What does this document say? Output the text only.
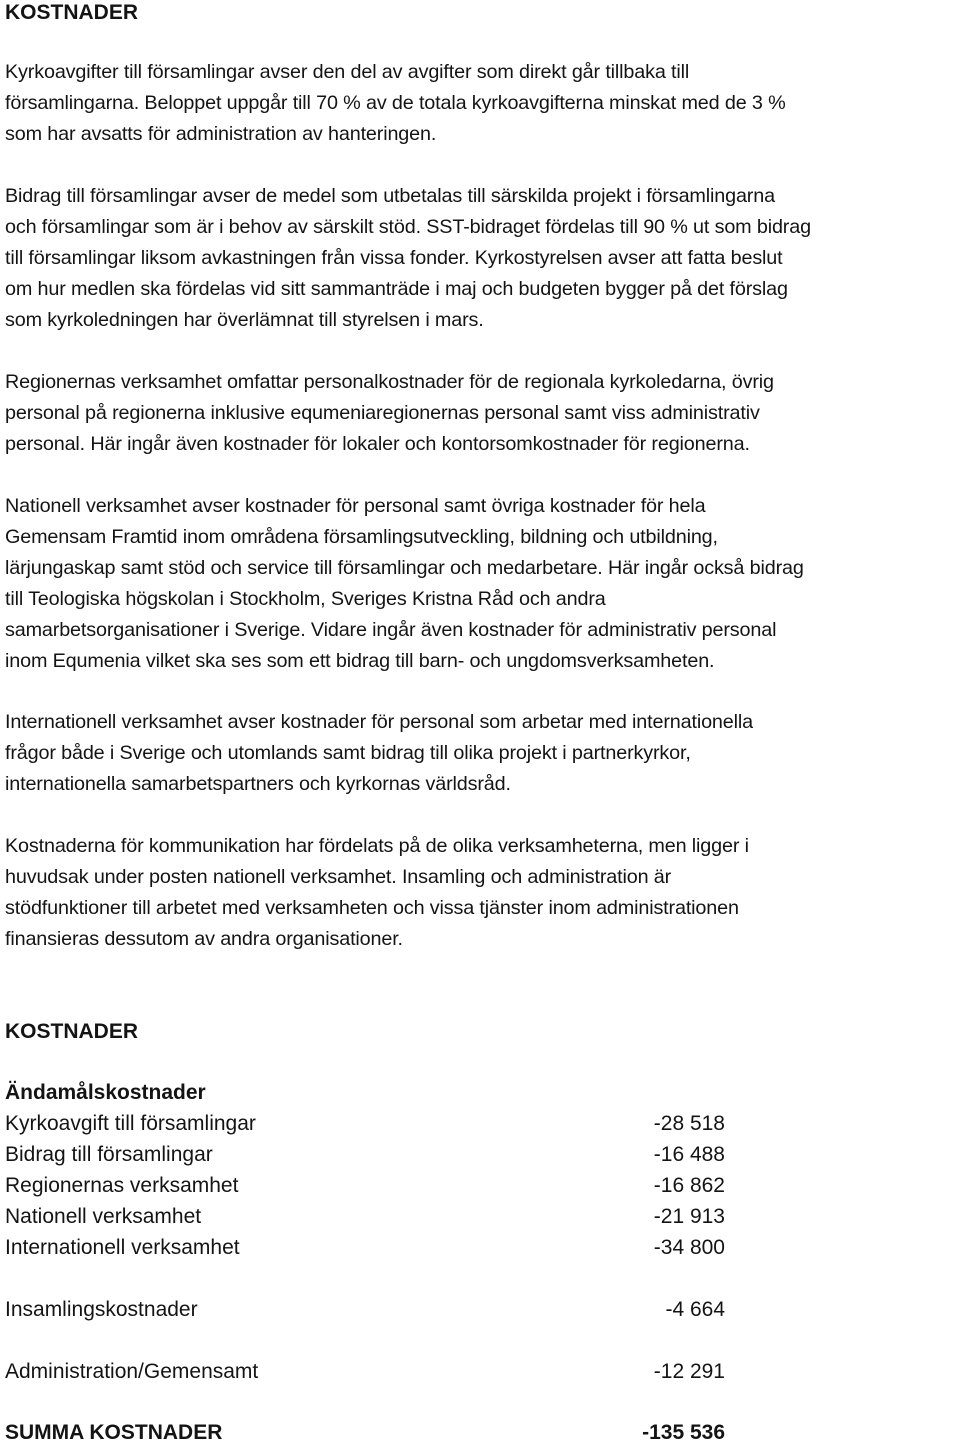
KOSTNADER
Kyrkoavgifter till församlingar avser den del av avgifter som direkt går tillbaka till
församlingarna. Beloppet uppgår till 70 % av de totala kyrkoavgifterna minskat med de 3 %
som har avsatts för administration av hanteringen.
Bidrag till församlingar avser de medel som utbetalas till särskilda projekt i församlingarna
och församlingar som är i behov av särskilt stöd. SST-bidraget fördelas till 90 % ut som bidrag
till församlingar liksom avkastningen från vissa fonder. Kyrkostyrelsen avser att fatta beslut
om hur medlen ska fördelas vid sitt sammanträde i maj och budgeten bygger på det förslag
som kyrkoledningen har överlämnat till styrelsen i mars.
Regionernas verksamhet omfattar personalkostnader för de regionala kyrkoledarna, övrig
personal på regionerna inklusive equmeniaregionernas personal samt viss administrativ
personal. Här ingår även kostnader för lokaler och kontorsomkostnader för regionerna.
Nationell verksamhet avser kostnader för personal samt övriga kostnader för hela
Gemensam Framtid inom områdena församlingsutveckling, bildning och utbildning,
lärjungaskap samt stöd och service till församlingar och medarbetare. Här ingår också bidrag
till Teologiska högskolan i Stockholm, Sveriges Kristna Råd och andra
samarbetsorganisationer i Sverige. Vidare ingår även kostnader för administrativ personal
inom Equmenia vilket ska ses som ett bidrag till barn- och ungdomsverksamheten.
Internationell verksamhet avser kostnader för personal som arbetar med internationella
frågor både i Sverige och utomlands samt bidrag till olika projekt i partnerkyrkor,
internationella samarbetspartners och kyrkornas världsråd.
Kostnaderna för kommunikation har fördelats på de olika verksamheterna, men ligger i
huvudsak under posten nationell verksamhet. Insamling och administration är
stödfunktioner till arbetet med verksamheten och vissa tjänster inom administrationen
finansieras dessutom av andra organisationer.
KOSTNADER
Ändamålskostnader
Kyrkoavgift till församlingar	-28 518
Bidrag till församlingar	-16 488
Regionernas verksamhet	-16 862
Nationell verksamhet	-21 913
Internationell verksamhet	-34 800
Insamlingskostnader	-4 664
Administration/Gemensamt	-12 291
SUMMA KOSTNADER	-135 536
